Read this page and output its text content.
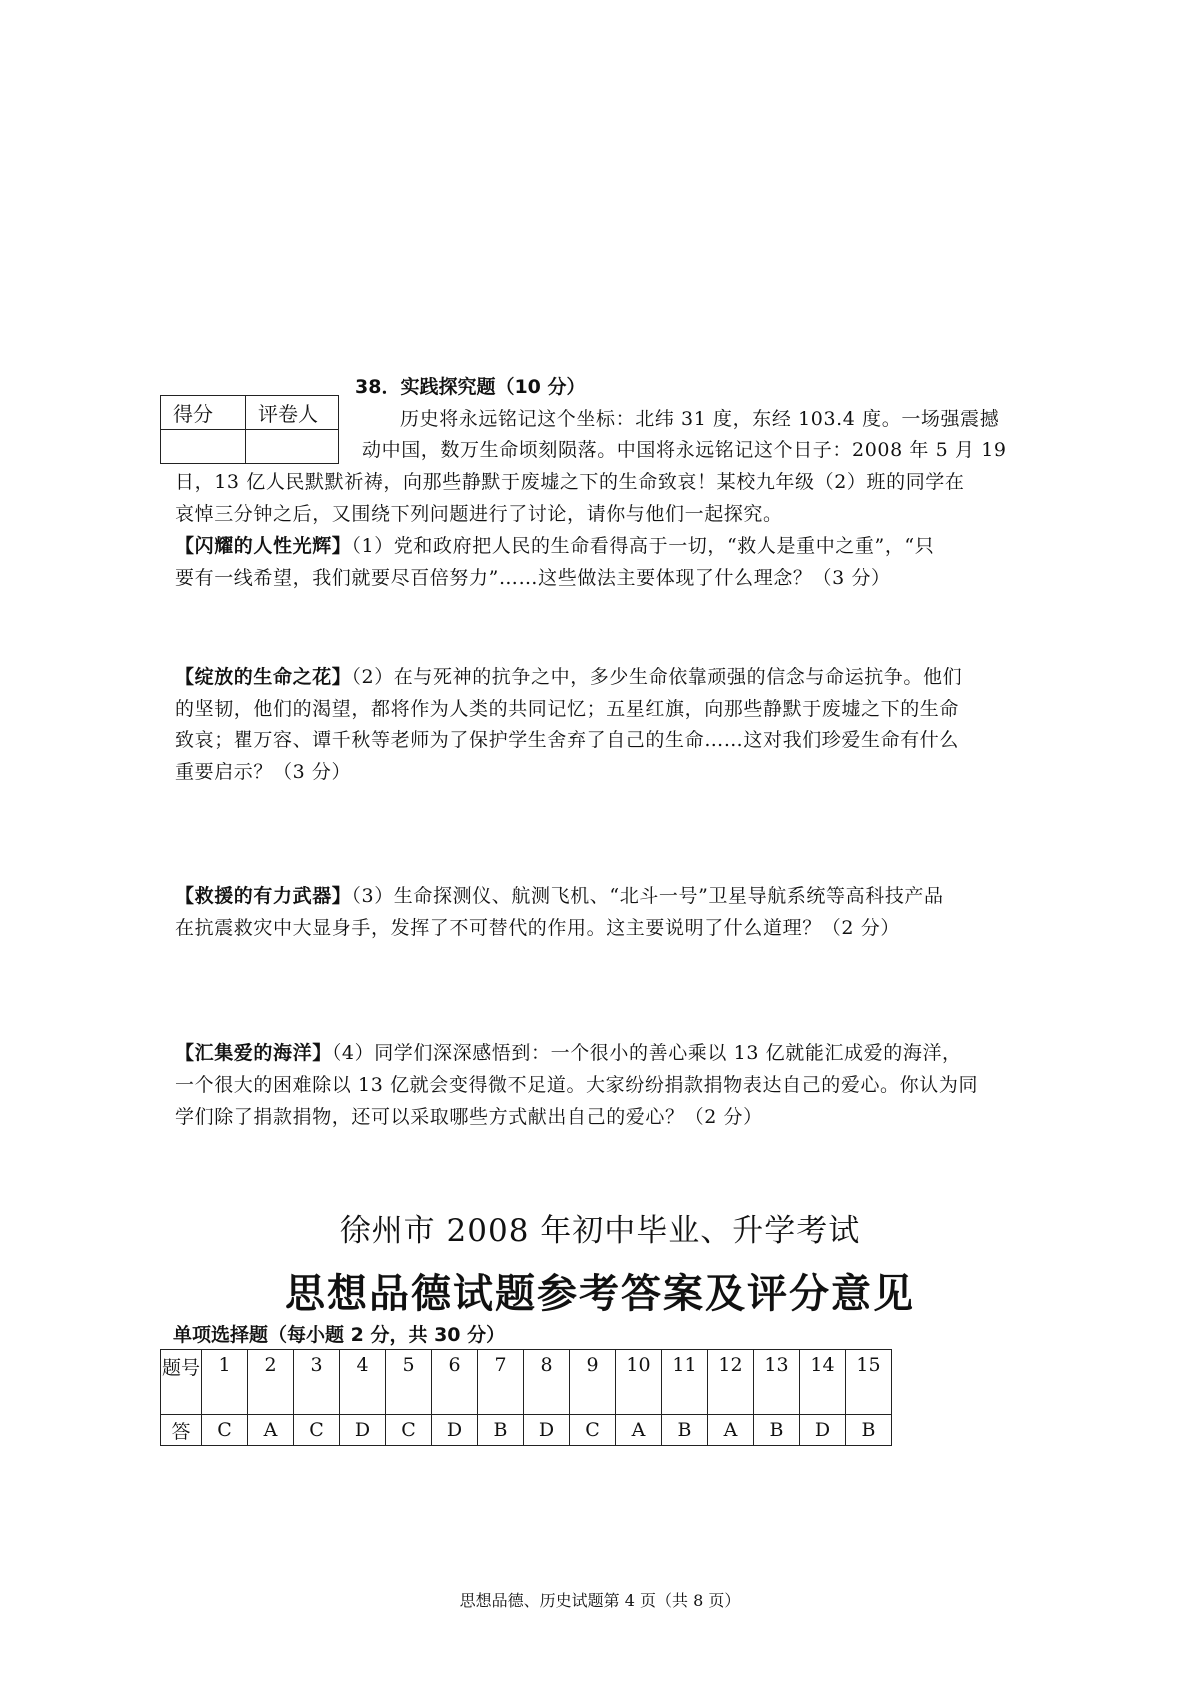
38．实践探究题（10 分）
得分	评卷人
		历史将永远铭记这个坐标：北纬 31 度，东经 103.4 度。一场强震撼
动中国，数万生命顷刻陨落。中国将永远铭记这个日子：2008 年 5 月 19
日，13 亿人民默默祈祷，向那些静默于废墟之下的生命致哀！某校九年级（2）班的同学在
哀悼三分钟之后，又围绕下列问题进行了讨论，请你与他们一起探究。
【闪耀的人性光辉】（1）党和政府把人民的生命看得高于一切，“救人是重中之重”，“只
要有一线希望，我们就要尽百倍努力”……这些做法主要体现了什么理念？（3 分）
【绽放的生命之花】（2）在与死神的抗争之中，多少生命依靠顽强的信念与命运抗争。他们
的坚韧，他们的渴望，都将作为人类的共同记忆；五星红旗，向那些静默于废墟之下的生命
致哀；瞿万容、谭千秋等老师为了保护学生舍弃了自己的生命……这对我们珍爱生命有什么
重要启示？（3 分）
【救援的有力武器】（3）生命探测仪、航测飞机、“北斗一号”卫星导航系统等高科技产品
在抗震救灾中大显身手，发挥了不可替代的作用。这主要说明了什么道理？（2 分）
【汇集爱的海洋】（4）同学们深深感悟到：一个很小的善心乘以 13 亿就能汇成爱的海洋，
一个很大的困难除以 13 亿就会变得微不足道。大家纷纷捐款捐物表达自己的爱心。你认为同
学们除了捐款捐物，还可以采取哪些方式献出自己的爱心？（2 分）
徐州市 2008 年初中毕业、升学考试
思想品德试题参考答案及评分意见
单项选择题（每小题 2 分，共 30 分）
题号	1	2	3	4	5	6	7	8	9	10	11	12	13	14	15
答	C	A	C	D	C	D	B	D	C	A	B	A	B	D	B
思想品德、历史试题第 4 页（共 8 页）
